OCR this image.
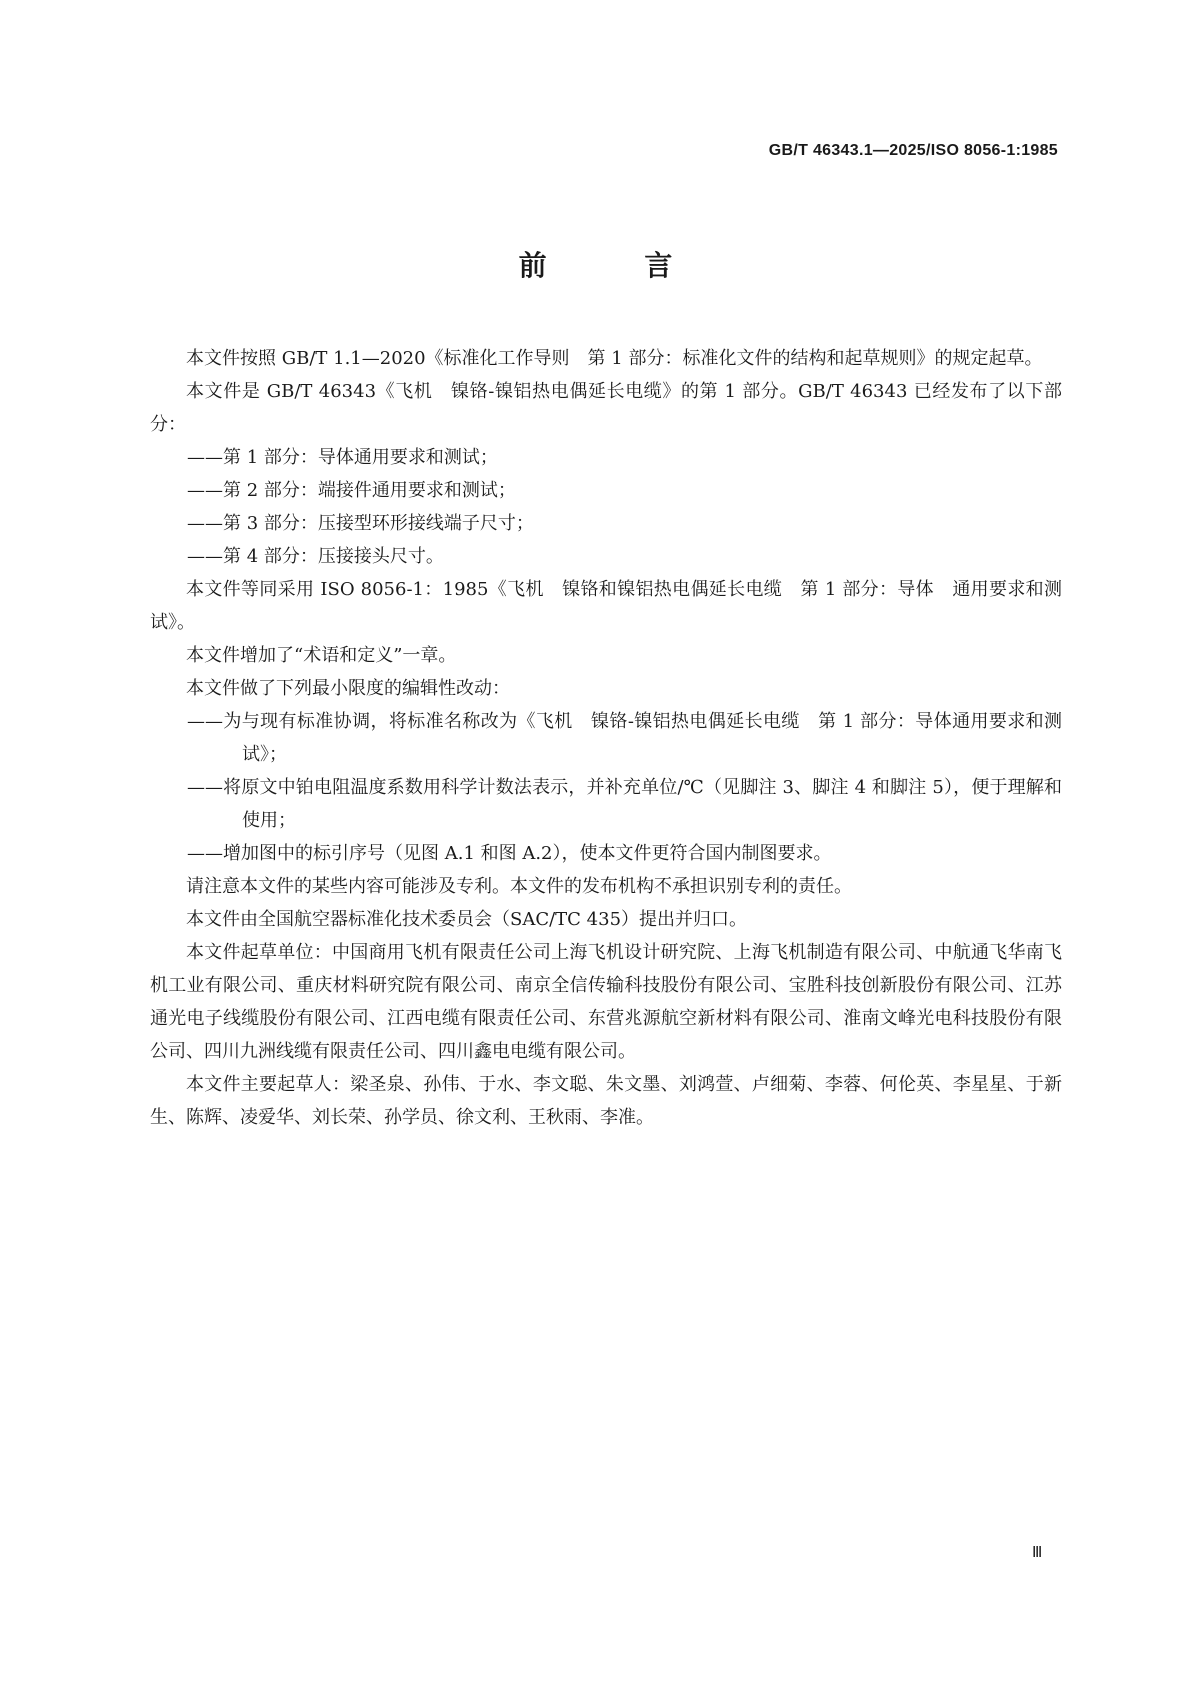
GB/T 46343.1—2025/ISO 8056-1:1985
前 言

本文件按照 GB/T 1.1—2020《标准化工作导则　第 1 部分：标准化文件的结构和起草规则》的规定起草。

本文件是 GB/T 46343《飞机　镍铬-镍铝热电偶延长电缆》的第 1 部分。GB/T 46343 已经发布了以下部分：

——第 1 部分：导体通用要求和测试；

——第 2 部分：端接件通用要求和测试；

——第 3 部分：压接型环形接线端子尺寸；

——第 4 部分：压接接头尺寸。

本文件等同采用 ISO 8056-1：1985《飞机　镍铬和镍铝热电偶延长电缆　第 1 部分：导体　通用要求和测试》。

本文件增加了“术语和定义”一章。

本文件做了下列最小限度的编辑性改动：

——为与现有标准协调，将标准名称改为《飞机　镍铬-镍铝热电偶延长电缆　第 1 部分：导体通用要求和测试》；

——将原文中铂电阻温度系数用科学计数法表示，并补充单位/℃（见脚注 3、脚注 4 和脚注 5），便于理解和使用；

——增加图中的标引序号（见图 A.1 和图 A.2），使本文件更符合国内制图要求。

请注意本文件的某些内容可能涉及专利。本文件的发布机构不承担识别专利的责任。

本文件由全国航空器标准化技术委员会（SAC/TC 435）提出并归口。

本文件起草单位：中国商用飞机有限责任公司上海飞机设计研究院、上海飞机制造有限公司、中航通飞华南飞机工业有限公司、重庆材料研究院有限公司、南京全信传输科技股份有限公司、宝胜科技创新股份有限公司、江苏通光电子线缆股份有限公司、江西电缆有限责任公司、东营兆源航空新材料有限公司、淮南文峰光电科技股份有限公司、四川九洲线缆有限责任公司、四川鑫电电缆有限公司。

本文件主要起草人：梁圣泉、孙伟、于水、李文聪、朱文墨、刘鸿萱、卢细菊、李蓉、何伦英、李星星、于新生、陈辉、凌爱华、刘长荣、孙学员、徐文利、王秋雨、李准。

Ⅲ
